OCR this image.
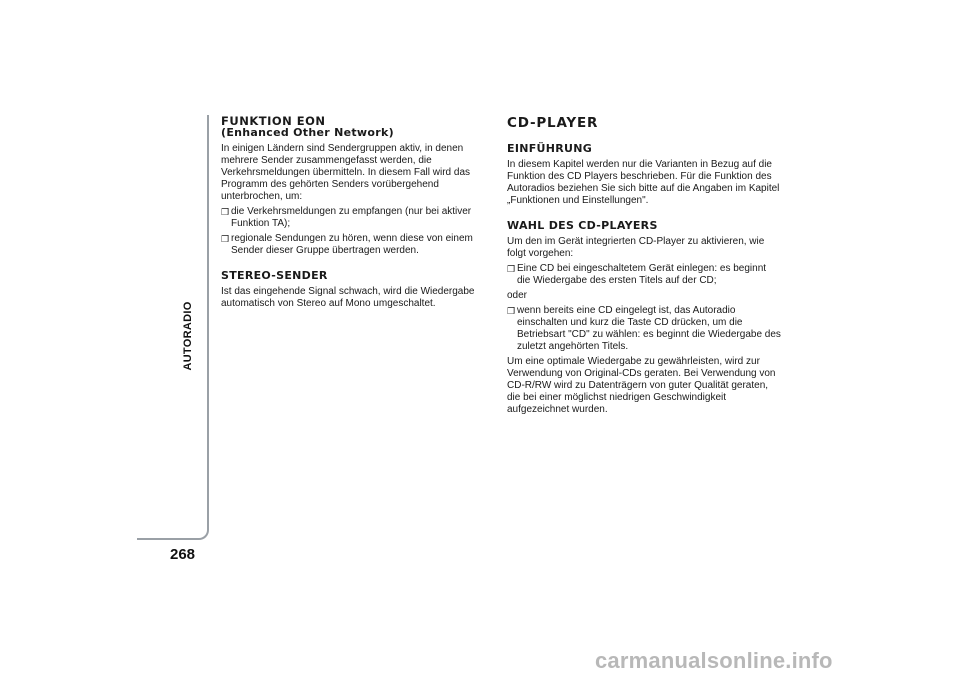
AUTORADIO
268
FUNKTION EON
(Enhanced Other Network)

In einigen Ländern sind Sendergruppen aktiv, in denen mehrere Sender zusammengefasst werden, die Verkehrsmeldungen übermitteln. In diesem Fall wird das Programm des gehörten Senders vorübergehend unterbrochen, um:

❒ die Verkehrsmeldungen zu empfangen (nur bei aktiver Funktion TA);
❒ regionale Sendungen zu hören, wenn diese von einem Sender dieser Gruppe übertragen werden.
STEREO-SENDER

Ist das eingehende Signal schwach, wird die Wiedergabe automatisch von Stereo auf Mono umgeschaltet.

CD-PLAYER
EINFÜHRUNG

In diesem Kapitel werden nur die Varianten in Bezug auf die Funktion des CD Players beschrieben. Für die Funktion des Autoradios beziehen Sie sich bitte auf die Angaben im Kapitel „Funktionen und Einstellungen".

WAHL DES CD-PLAYERS

Um den im Gerät integrierten CD-Player zu aktivieren, wie folgt vorgehen:

❒ Eine CD bei eingeschaltetem Gerät einlegen: es beginnt die Wiedergabe des ersten Titels auf der CD;

oder

❒ wenn bereits eine CD eingelegt ist, das Autoradio einschalten und kurz die Taste CD drücken, um die Betriebsart "CD" zu wählen: es beginnt die Wiedergabe des zuletzt angehörten Titels.

Um eine optimale Wiedergabe zu gewährleisten, wird zur Verwendung von Original-CDs geraten. Bei Verwendung von CD-R/RW wird zu Datenträgern von guter Qualität geraten, die bei einer möglichst niedrigen Geschwindigkeit aufgezeichnet wurden.

carmanualsonline.info
